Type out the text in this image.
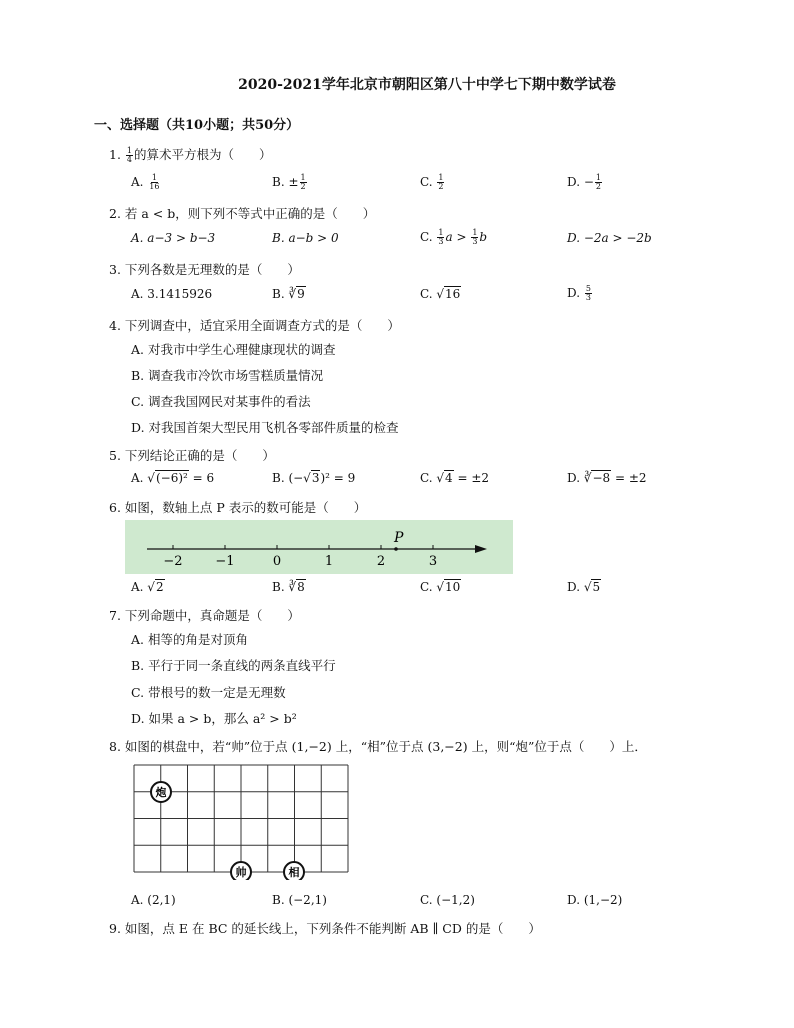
2020-2021学年北京市朝阳区第八十中学七下期中数学试卷
一、选择题（共10小题；共50分）
1. $\frac{1}{4}$ 的算术平方根为（　　）
A. $\frac{1}{16}$	B. ± $\frac{1}{2}$	C. $\frac{1}{2}$	D. − $\frac{1}{2}$
2. 若 a < b，则下列不等式中正确的是（　　）
A. a−3 > b−3	B. a−b > 0	C. $\frac{1}{3}$ $a > \frac{1}{3}$ b	D. −2a > −2b
3. 下列各数是无理数的是（　　）
A. 3.1415926	B. ∛9	C. √16	D. $\frac{5}{3}$
4. 下列调查中，适宜采用全面调查方式的是（　　）
A. 对我市中学生心理健康现状的调查
B. 调查我市冷饮市场雪糕质量情况
C. 调查我国网民对某事件的看法
D. 对我国首架大型民用飞机各零部件质量的检查
5. 下列结论正确的是（　　）
A. √(−6)² = 6	B. (−√3)² = 9	C. √4 = ±2	D. ∛−8 = ±2
6. 如图，数轴上点 P 表示的数可能是（　　）
−2	−1	0	1	2	3
P
A. √2	B. ∛8	C. √10	D. √5
7. 下列命题中，真命题是（　　）
A. 相等的角是对顶角
B. 平行于同一条直线的两条直线平行
C. 带根号的数一定是无理数
D. 如果 a > b，那么 a² > b²
8. 如图的棋盘中，若“帅”位于点 (1,−2) 上，“相”位于点 (3,−2) 上，则“炮”位于点（　　）上．
炮
帅	相
A. (2,1)	B. (−2,1)	C. (−1,2)	D. (1,−2)
9. 如图，点 E 在 BC 的延长线上，下列条件不能判断 AB ∥ CD 的是（　　）
